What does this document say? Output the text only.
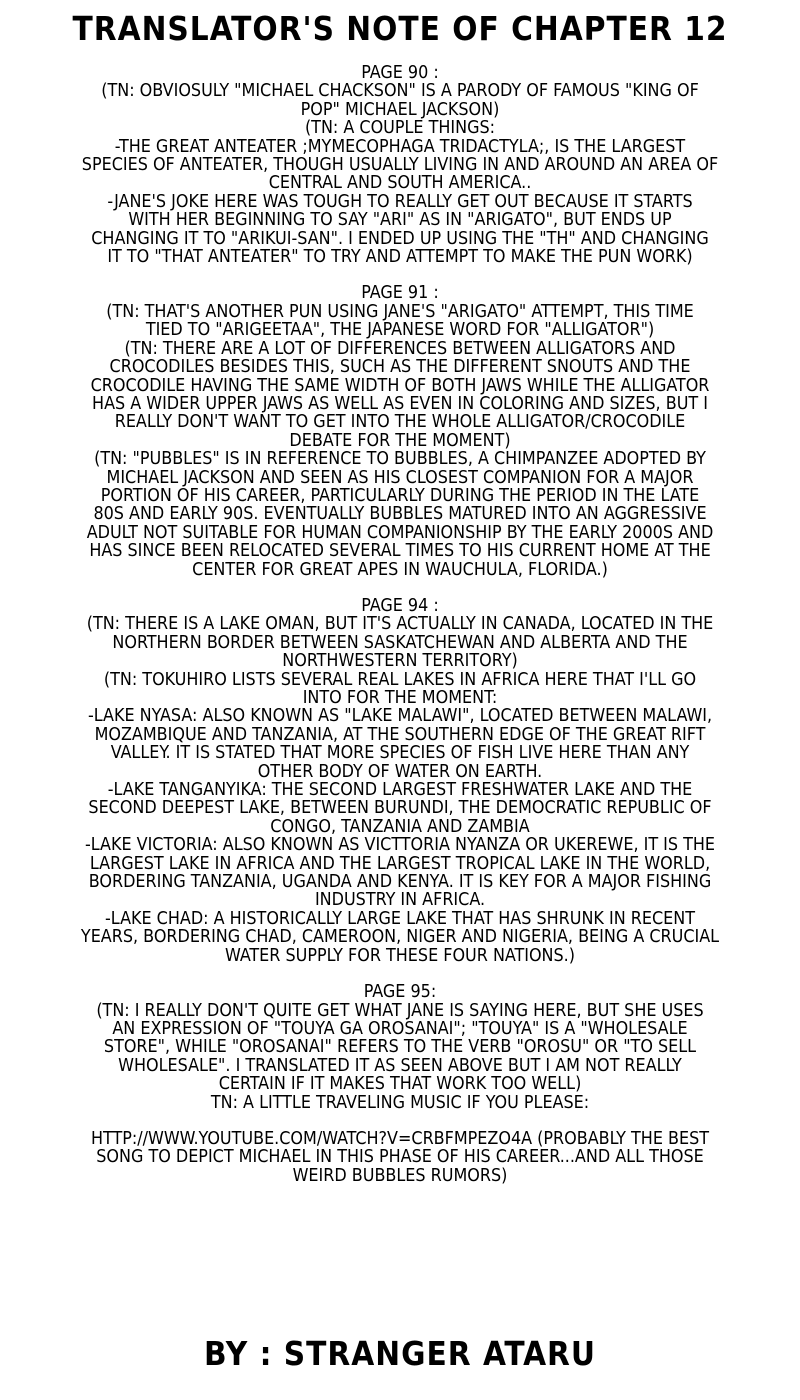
TRANSLATOR'S NOTE OF CHAPTER 12
PAGE 90 :
(TN: OBVIOSULY "MICHAEL CHACKSON" IS A PARODY OF FAMOUS "KING OF
POP" MICHAEL JACKSON)
(TN: A COUPLE THINGS:
-THE GREAT ANTEATER ;MYMECOPHAGA TRIDACTYLA;, IS THE LARGEST
SPECIES OF ANTEATER, THOUGH USUALLY LIVING IN AND AROUND AN AREA OF
CENTRAL AND SOUTH AMERICA..
-JANE'S JOKE HERE WAS TOUGH TO REALLY GET OUT BECAUSE IT STARTS
WITH HER BEGINNING TO SAY "ARI" AS IN "ARIGATO", BUT ENDS UP
CHANGING IT TO "ARIKUI-SAN". I ENDED UP USING THE "TH" AND CHANGING
IT TO "THAT ANTEATER" TO TRY AND ATTEMPT TO MAKE THE PUN WORK)
PAGE 91 :
(TN: THAT'S ANOTHER PUN USING JANE'S "ARIGATO" ATTEMPT, THIS TIME
TIED TO "ARIGEETAA", THE JAPANESE WORD FOR "ALLIGATOR")
(TN: THERE ARE A LOT OF DIFFERENCES BETWEEN ALLIGATORS AND
CROCODILES BESIDES THIS, SUCH AS THE DIFFERENT SNOUTS AND THE
CROCODILE HAVING THE SAME WIDTH OF BOTH JAWS WHILE THE ALLIGATOR
HAS A WIDER UPPER JAWS AS WELL AS EVEN IN COLORING AND SIZES, BUT I
REALLY DON'T WANT TO GET INTO THE WHOLE ALLIGATOR/CROCODILE
DEBATE FOR THE MOMENT)
(TN: "PUBBLES" IS IN REFERENCE TO BUBBLES, A CHIMPANZEE ADOPTED BY
MICHAEL JACKSON AND SEEN AS HIS CLOSEST COMPANION FOR A MAJOR
PORTION OF HIS CAREER, PARTICULARLY DURING THE PERIOD IN THE LATE
80S AND EARLY 90S. EVENTUALLY BUBBLES MATURED INTO AN AGGRESSIVE
ADULT NOT SUITABLE FOR HUMAN COMPANIONSHIP BY THE EARLY 2000S AND
HAS SINCE BEEN RELOCATED SEVERAL TIMES TO HIS CURRENT HOME AT THE
CENTER FOR GREAT APES IN WAUCHULA, FLORIDA.)
PAGE 94 :
(TN: THERE IS A LAKE OMAN, BUT IT'S ACTUALLY IN CANADA, LOCATED IN THE
NORTHERN BORDER BETWEEN SASKATCHEWAN AND ALBERTA AND THE
NORTHWESTERN TERRITORY)
(TN: TOKUHIRO LISTS SEVERAL REAL LAKES IN AFRICA HERE THAT I'LL GO
INTO FOR THE MOMENT:
-LAKE NYASA: ALSO KNOWN AS "LAKE MALAWI", LOCATED BETWEEN MALAWI,
MOZAMBIQUE AND TANZANIA, AT THE SOUTHERN EDGE OF THE GREAT RIFT
VALLEY. IT IS STATED THAT MORE SPECIES OF FISH LIVE HERE THAN ANY
OTHER BODY OF WATER ON EARTH.
-LAKE TANGANYIKA: THE SECOND LARGEST FRESHWATER LAKE AND THE
SECOND DEEPEST LAKE, BETWEEN BURUNDI, THE DEMOCRATIC REPUBLIC OF
CONGO, TANZANIA AND ZAMBIA
-LAKE VICTORIA: ALSO KNOWN AS VICTTORIA NYANZA OR UKEREWE, IT IS THE
LARGEST LAKE IN AFRICA AND THE LARGEST TROPICAL LAKE IN THE WORLD,
BORDERING TANZANIA, UGANDA AND KENYA. IT IS KEY FOR A MAJOR FISHING
INDUSTRY IN AFRICA.
-LAKE CHAD: A HISTORICALLY LARGE LAKE THAT HAS SHRUNK IN RECENT
YEARS, BORDERING CHAD, CAMEROON, NIGER AND NIGERIA, BEING A CRUCIAL
WATER SUPPLY FOR THESE FOUR NATIONS.)
PAGE 95:
(TN: I REALLY DON'T QUITE GET WHAT JANE IS SAYING HERE, BUT SHE USES
AN EXPRESSION OF "TOUYA GA OROSANAI"; "TOUYA" IS A "WHOLESALE
STORE", WHILE "OROSANAI" REFERS TO THE VERB "OROSU" OR "TO SELL
WHOLESALE". I TRANSLATED IT AS SEEN ABOVE BUT I AM NOT REALLY
CERTAIN IF IT MAKES THAT WORK TOO WELL)
TN: A LITTLE TRAVELING MUSIC IF YOU PLEASE:
HTTP://WWW.YOUTUBE.COM/WATCH?V=CRBFMPEZO4A (PROBABLY THE BEST
SONG TO DEPICT MICHAEL IN THIS PHASE OF HIS CAREER...AND ALL THOSE
WEIRD BUBBLES RUMORS)
BY : STRANGER ATARU
